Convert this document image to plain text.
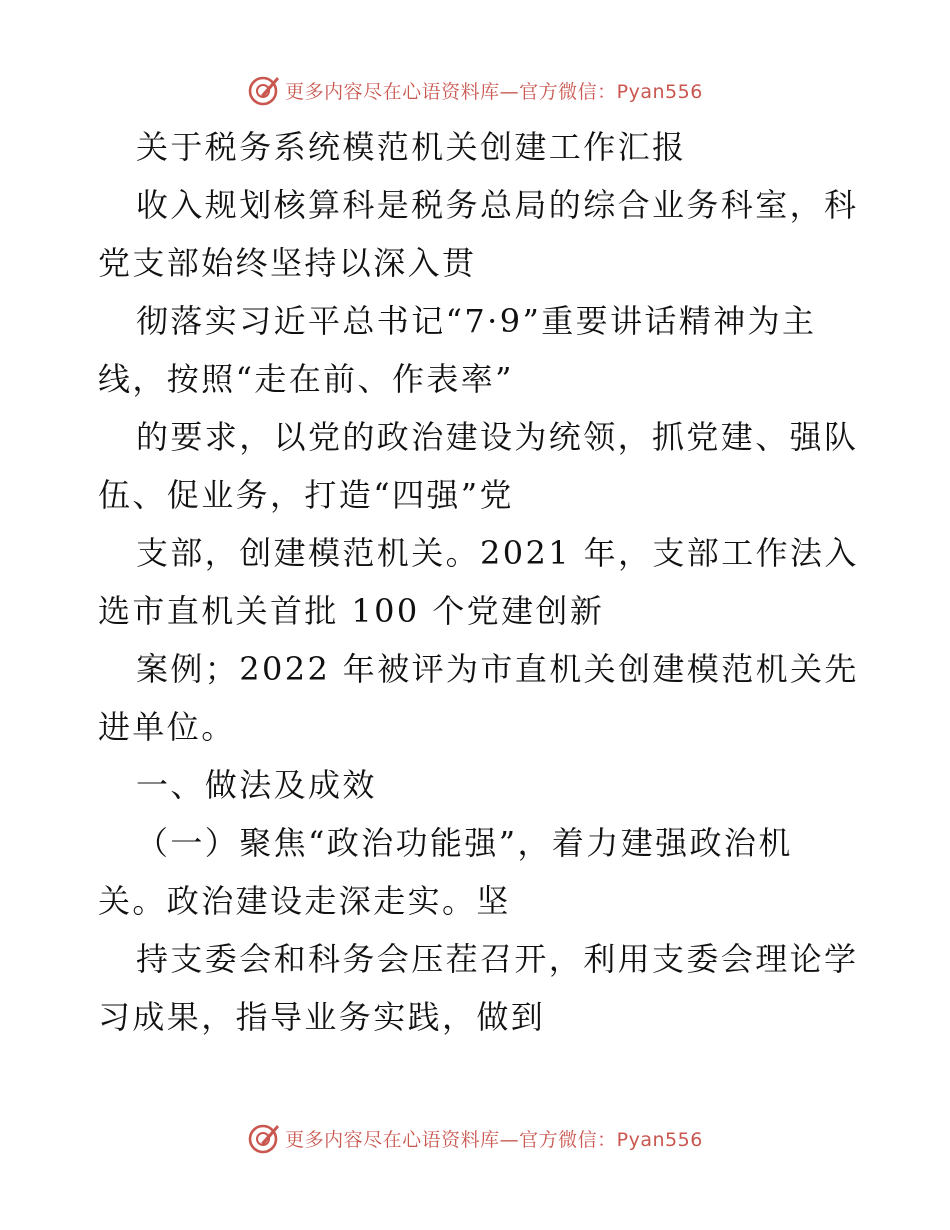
更多内容尽在心语资料库—官方微信：Pyan556

关于税务系统模范机关创建工作汇报

收入规划核算科是税务总局的综合业务科室，科

党支部始终坚持以深入贯

彻落实习近平总书记“7·9”重要讲话精神为主

线，按照“走在前、作表率”

的要求，以党的政治建设为统领，抓党建、强队

伍、促业务，打造“四强”党

支部，创建模范机关。2021 年，支部工作法入

选市直机关首批 100 个党建创新

案例；2022 年被评为市直机关创建模范机关先

进单位。

一、做法及成效

（一）聚焦“政治功能强”，着力建强政治机

关。政治建设走深走实。坚

持支委会和科务会压茬召开，利用支委会理论学

习成果，指导业务实践，做到

更多内容尽在心语资料库—官方微信：Pyan556
